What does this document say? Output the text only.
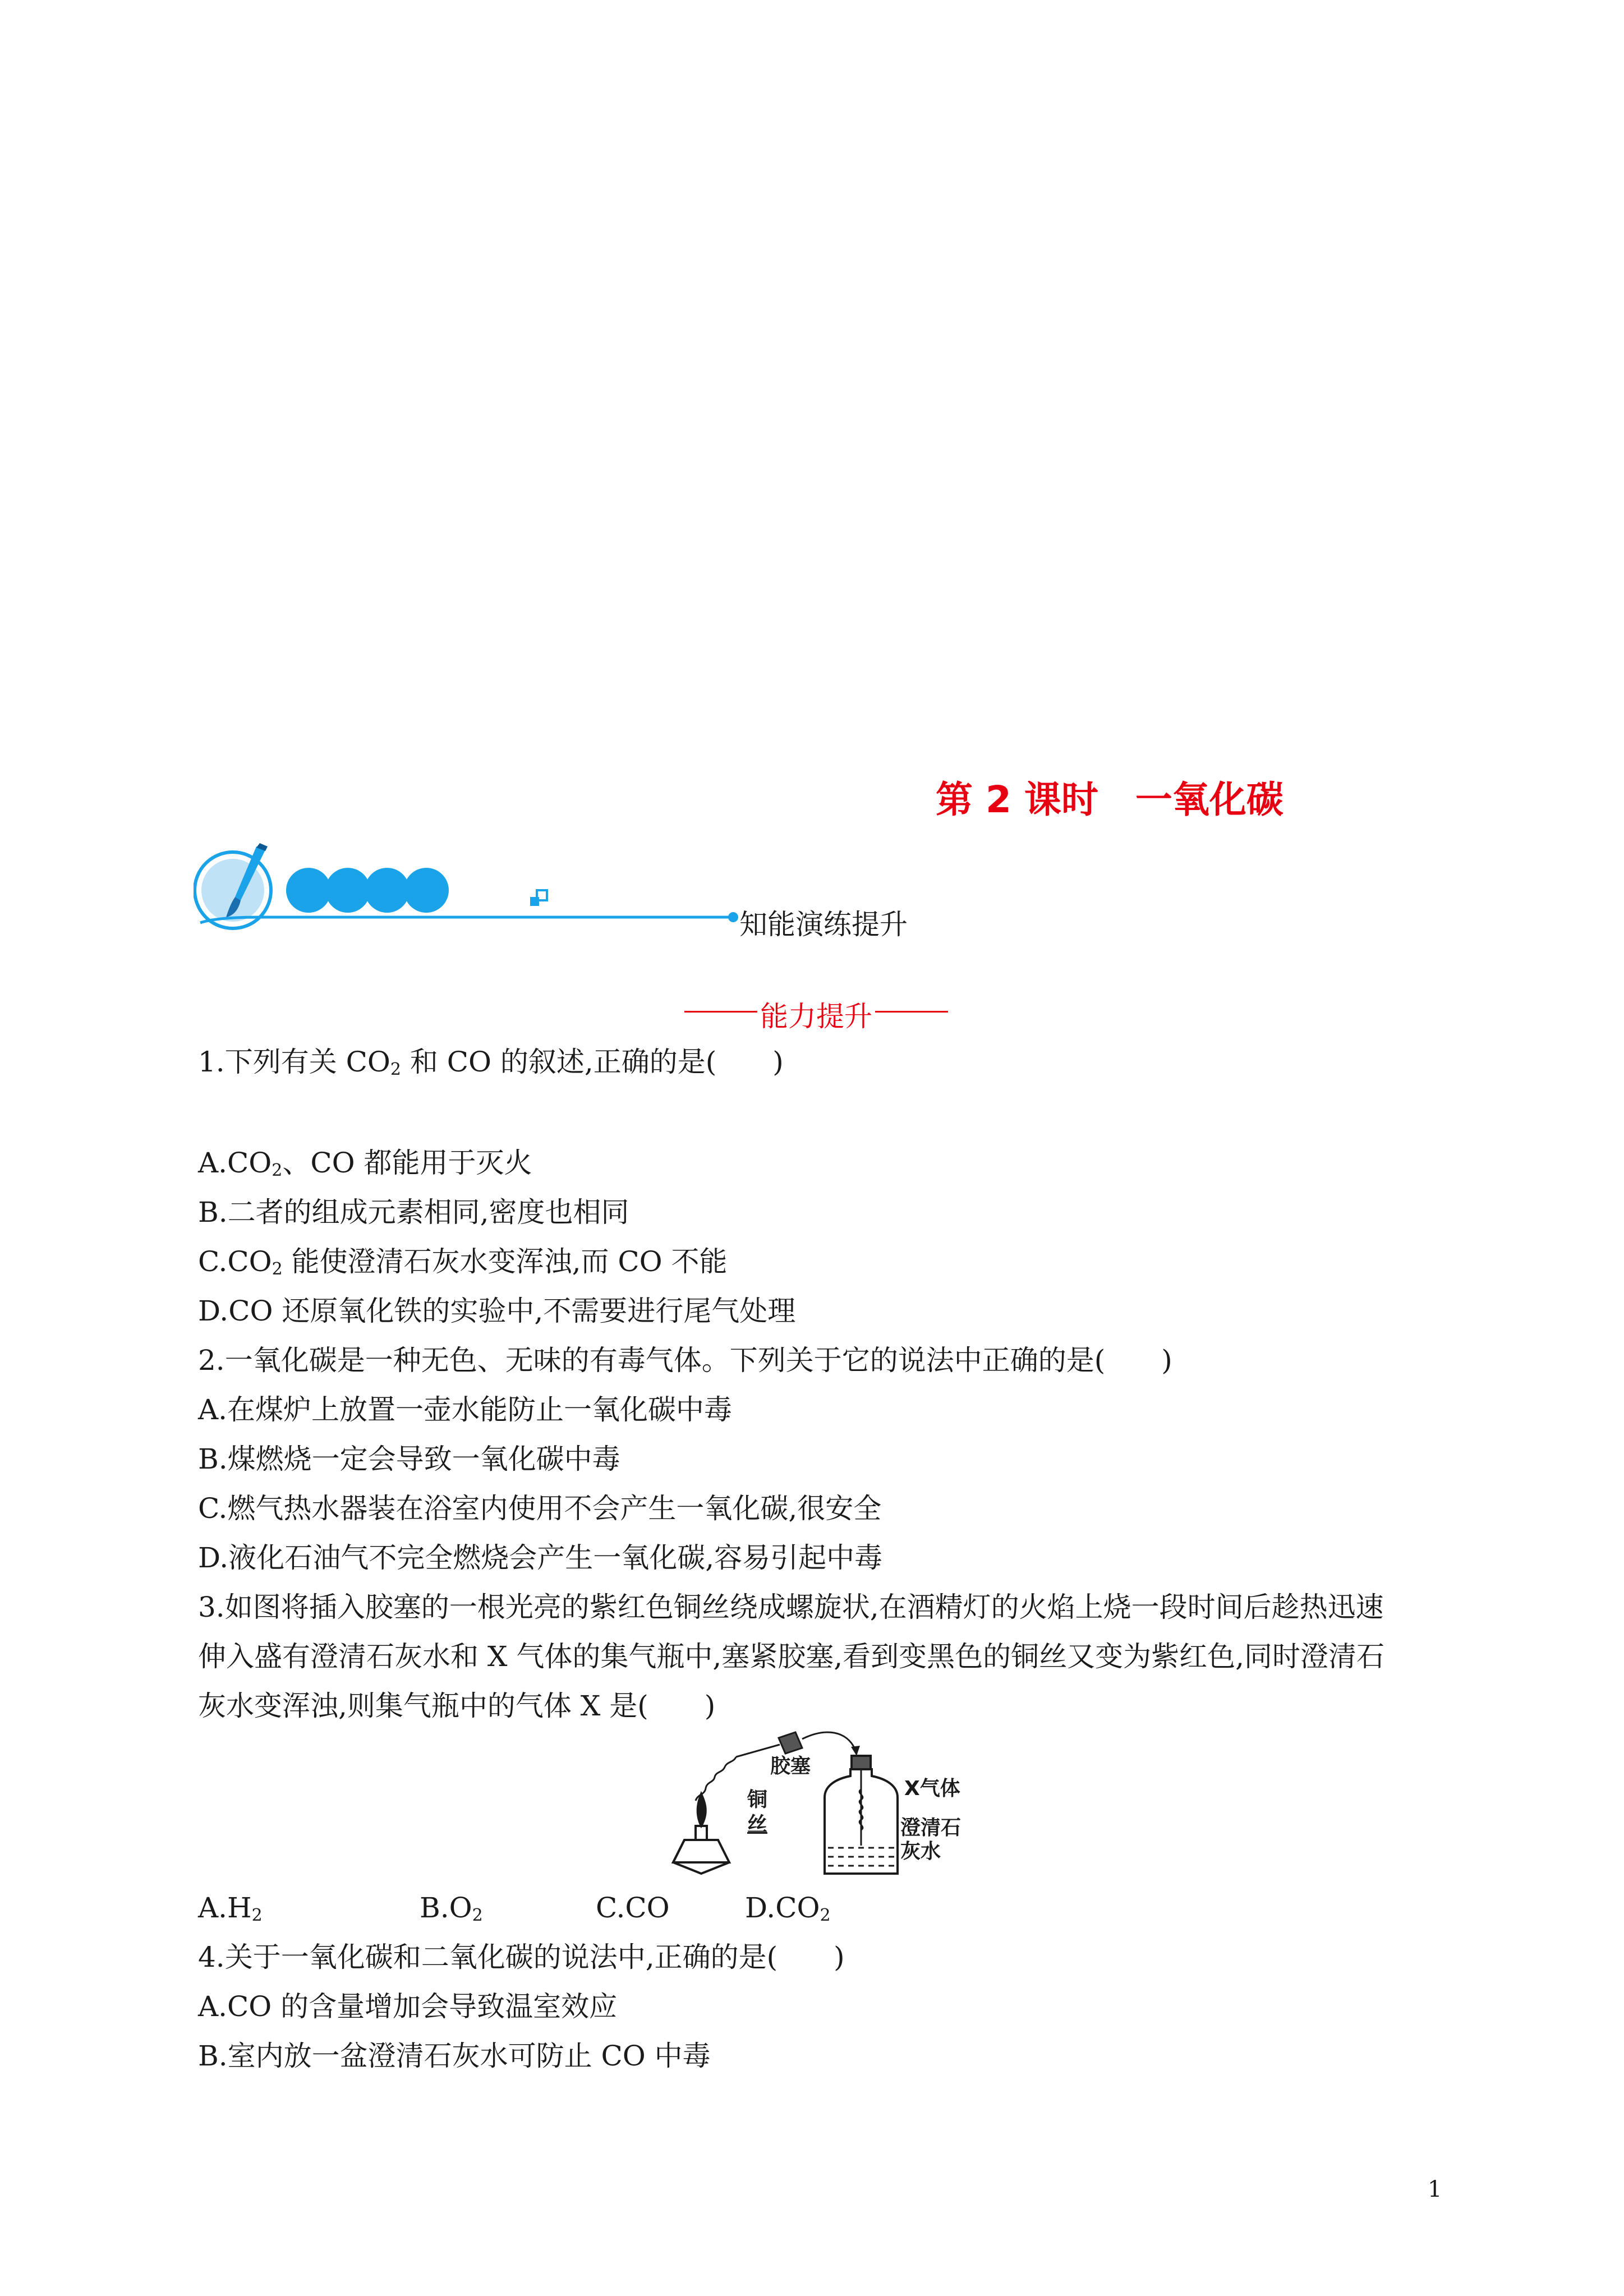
第 2 课时　一氧化碳
知能演练提升
能力提升
1.下列有关 $CO_2$ 和 CO 的叙述,正确的是(　　)
$A.CO_2$、CO 都能用于灭火
B.二者的组成元素相同,密度也相同
$C.CO_2$ 能使澄清石灰水变浑浊,而 CO 不能
D.CO 还原氧化铁的实验中,不需要进行尾气处理
2.一氧化碳是一种无色、无味的有毒气体。下列关于它的说法中正确的是(　　)
A.在煤炉上放置一壶水能防止一氧化碳中毒
B.煤燃烧一定会导致一氧化碳中毒
C.燃气热水器装在浴室内使用不会产生一氧化碳,很安全
D.液化石油气不完全燃烧会产生一氧化碳,容易引起中毒
3.如图将插入胶塞的一根光亮的紫红色铜丝绕成螺旋状,在酒精灯的火焰上烧一段时间后趁热迅速
伸入盛有澄清石灰水和 X 气体的集气瓶中,塞紧胶塞,看到变黑色的铜丝又变为紫红色,同时澄清石
灰水变浑浊,则集气瓶中的气体 X 是(　　)
胶塞
铜
丝
X气体
澄清石
灰水
$A.H_2$	$B.O_2$	C.CO	$D.CO_2$
4.关于一氧化碳和二氧化碳的说法中,正确的是(　　)
A.CO 的含量增加会导致温室效应
B.室内放一盆澄清石灰水可防止 CO 中毒
1
